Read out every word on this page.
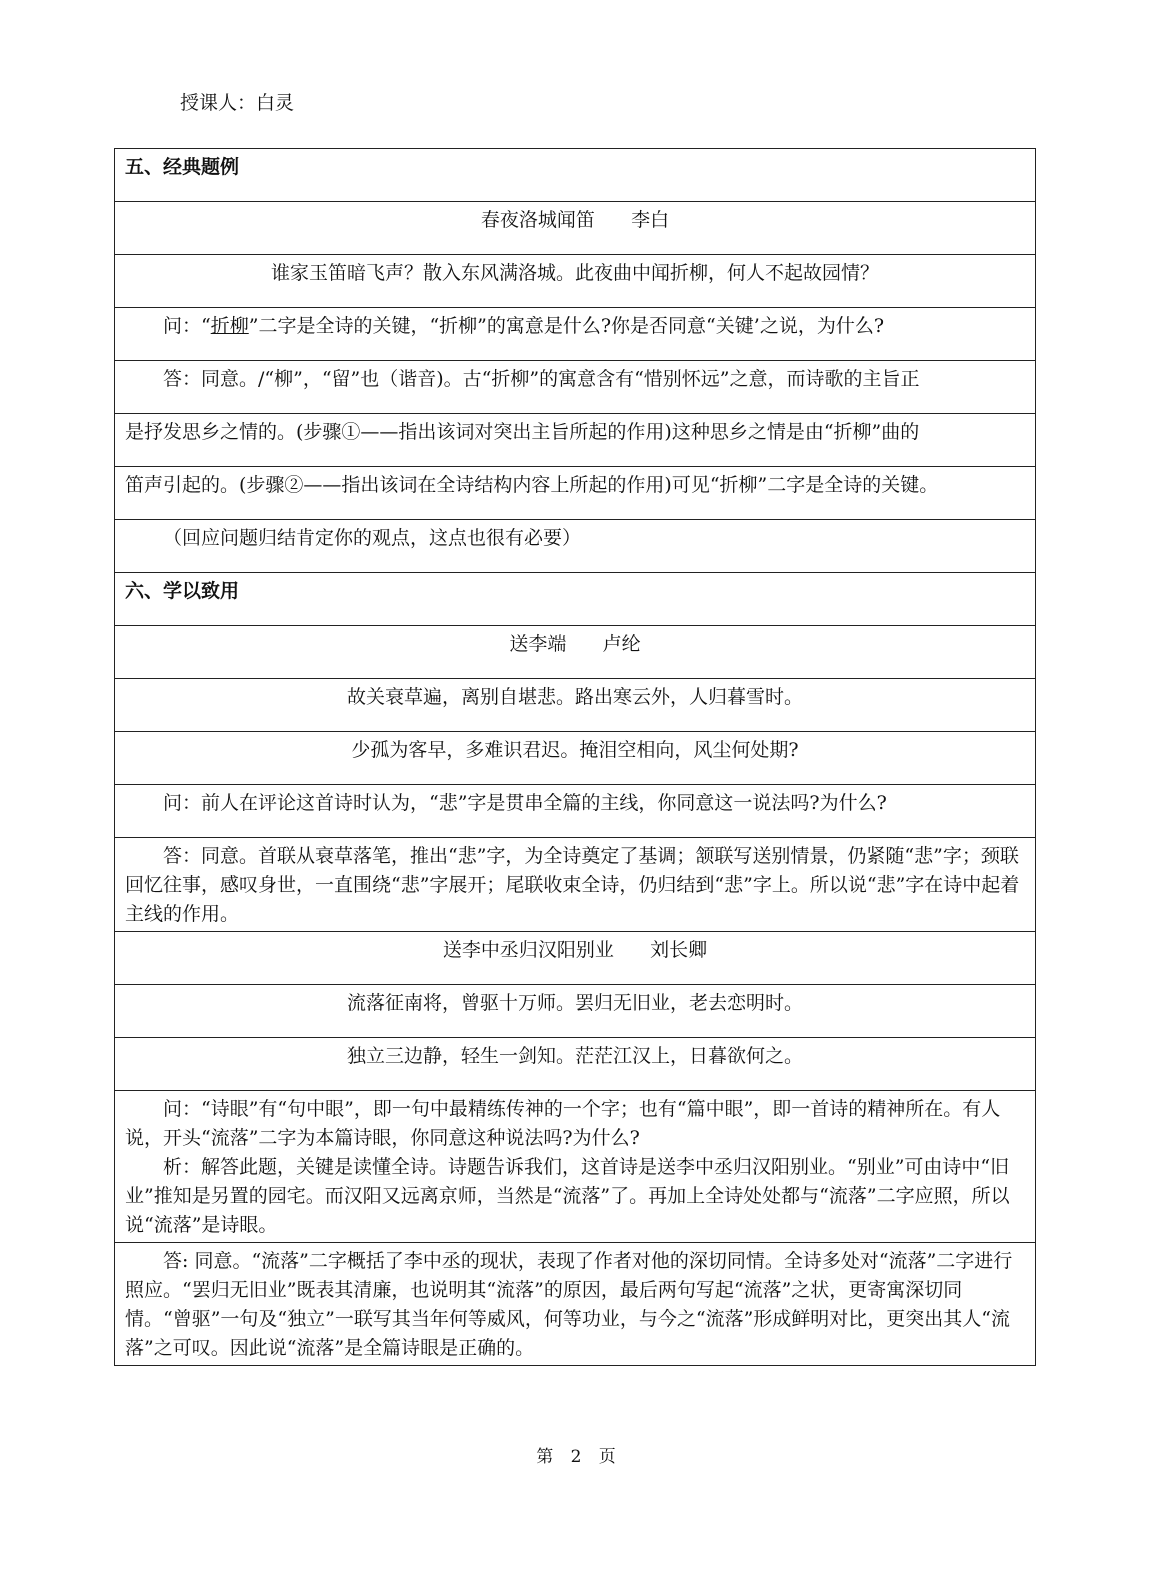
授课人：白灵
五、经典题例
春夜洛城闻笛      李白
谁家玉笛暗飞声？散入东风满洛城。此夜曲中闻折柳，何人不起故园情？
问：“折柳”二字是全诗的关键，“折柳”的寓意是什么?你是否同意“关键’之说，为什么?
答：同意。/“柳”，“留”也（谐音)。古“折柳”的寓意含有“惜别怀远”之意，而诗歌的主旨正
是抒发思乡之情的。(步骤①——指出该词对突出主旨所起的作用)这种思乡之情是由“折柳”曲的
笛声引起的。(步骤②——指出该词在全诗结构内容上所起的作用)可见“折柳”二字是全诗的关键。
（回应问题归结肯定你的观点，这点也很有必要）
六、学以致用
送李端      卢纶
故关衰草遍，离别自堪悲。路出寒云外，人归暮雪时。
少孤为客早，多难识君迟。掩泪空相向，风尘何处期?
问：前人在评论这首诗时认为，“悲”字是贯串全篇的主线，你同意这一说法吗?为什么?
答：同意。首联从衰草落笔，推出“悲”字，为全诗奠定了基调；颔联写送别情景，仍紧随“悲”字；颈联回忆往事，感叹身世，一直围绕“悲”字展开；尾联收束全诗，仍归结到“悲”字上。所以说“悲”字在诗中起着主线的作用。
送李中丞归汉阳别业      刘长卿
流落征南将，曾驱十万师。罢归无旧业，老去恋明时。
独立三边静，轻生一剑知。茫茫江汉上，日暮欲何之。

问：“诗眼”有“句中眼”，即一句中最精练传神的一个字；也有“篇中眼”，即一首诗的精神所在。有人说，开头“流落”二字为本篇诗眼，你同意这种说法吗?为什么?
析：解答此题，关键是读懂全诗。诗题告诉我们，这首诗是送李中丞归汉阳别业。“别业”可由诗中“旧业”推知是另置的园宅。而汉阳又远离京师，当然是“流落”了。再加上全诗处处都与“流落”二字应照，所以说“流落”是诗眼。

答: 同意。“流落”二字概括了李中丞的现状，表现了作者对他的深切同情。全诗多处对“流落”二字进行照应。“罢归无旧业”既表其清廉，也说明其“流落”的原因，最后两句写起“流落”之状，更寄寓深切同情。“曾驱”一句及“独立”一联写其当年何等威风，何等功业，与今之“流落”形成鲜明对比，更突出其人“流落”之可叹。因此说“流落”是全篇诗眼是正确的。
第 2 页
